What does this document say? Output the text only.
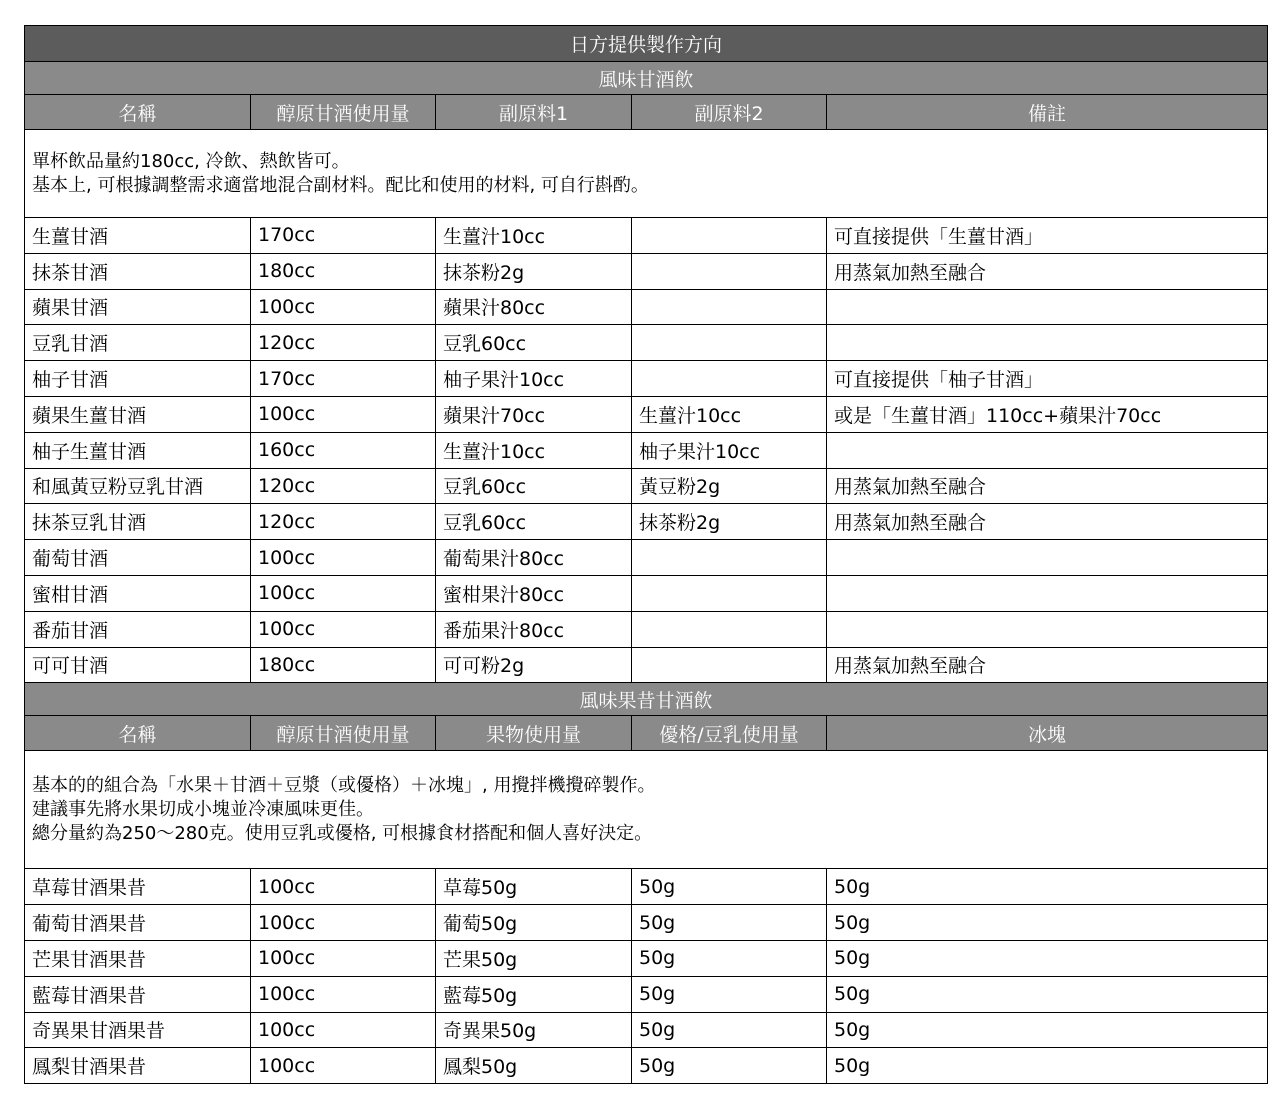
日方提供製作方向				
風味甘酒飲				
名稱	醇原甘酒使用量	副原料1	副原料2	備註

單杯飲品量約180cc, 冷飲、熱飲皆可。
基本上, 可根據調整需求適當地混合副材料。配比和使用的材料, 可自行斟酌。				

生薑甘酒	170cc	生薑汁10cc		可直接提供「生薑甘酒」
抹茶甘酒	180cc	抹茶粉2g		用蒸氣加熱至融合
蘋果甘酒	100cc	蘋果汁80cc		
豆乳甘酒	120cc	豆乳60cc		
柚子甘酒	170cc	柚子果汁10cc		可直接提供「柚子甘酒」
蘋果生薑甘酒	100cc	蘋果汁70cc	生薑汁10cc	或是「生薑甘酒」110cc+蘋果汁70cc
柚子生薑甘酒	160cc	生薑汁10cc	柚子果汁10cc	
和風黃豆粉豆乳甘酒	120cc	豆乳60cc	黃豆粉2g	用蒸氣加熱至融合
抹茶豆乳甘酒	120cc	豆乳60cc	抹茶粉2g	用蒸氣加熱至融合
葡萄甘酒	100cc	葡萄果汁80cc		
蜜柑甘酒	100cc	蜜柑果汁80cc		
番茄甘酒	100cc	番茄果汁80cc		
可可甘酒	180cc	可可粉2g		用蒸氣加熱至融合
風味果昔甘酒飲				
名稱	醇原甘酒使用量	果物使用量	優格/豆乳使用量	冰塊

基本的的組合為「水果＋甘酒＋豆漿（或優格）＋冰塊」, 用攪拌機攪碎製作。
建議事先將水果切成小塊並冷凍風味更佳。
總分量約為250～280克。使用豆乳或優格, 可根據食材搭配和個人喜好決定。				

草莓甘酒果昔	100cc	草莓50g	50g	50g
葡萄甘酒果昔	100cc	葡萄50g	50g	50g
芒果甘酒果昔	100cc	芒果50g	50g	50g
藍莓甘酒果昔	100cc	藍莓50g	50g	50g
奇異果甘酒果昔	100cc	奇異果50g	50g	50g
鳳梨甘酒果昔	100cc	鳳梨50g	50g	50g
